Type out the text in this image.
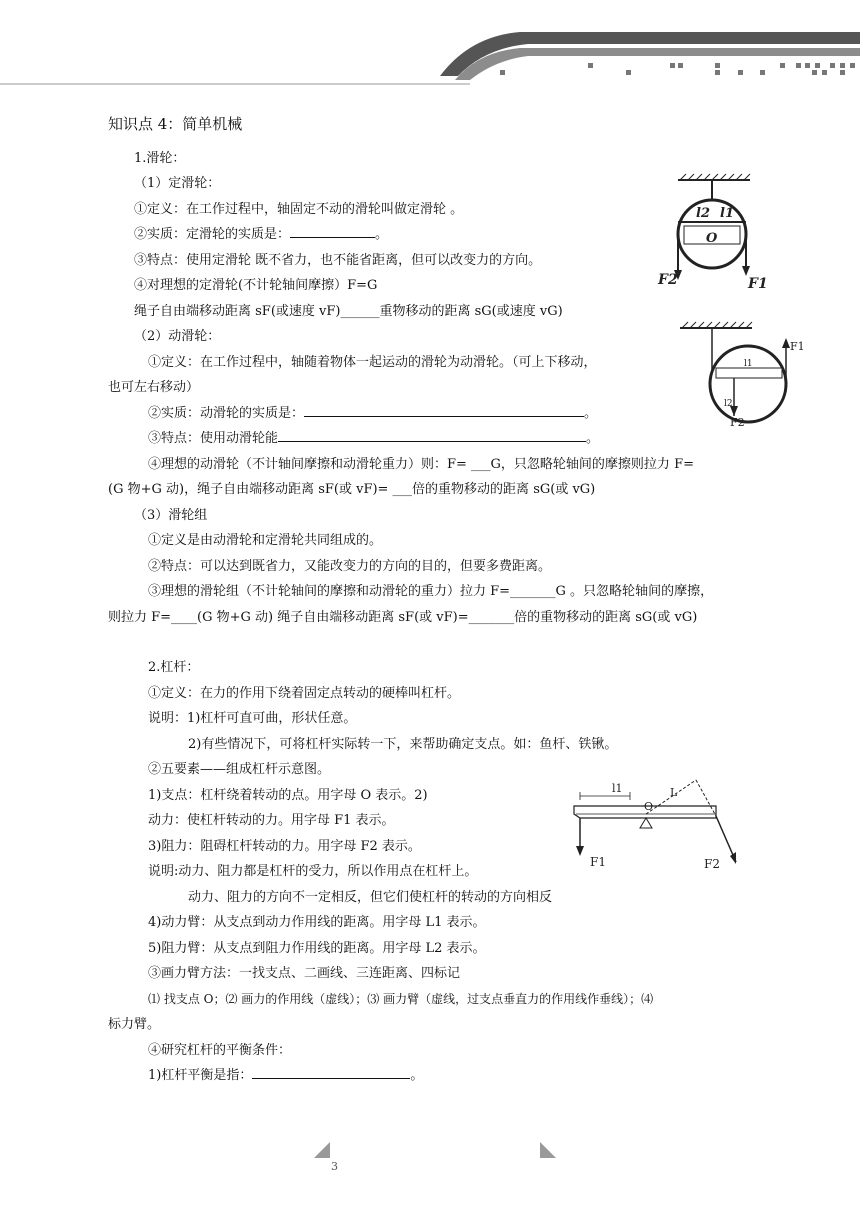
知识点 4：简单机械
1.滑轮：
（1）定滑轮：
①定义：在工作过程中，轴固定不动的滑轮叫做定滑轮 。
②实质：定滑轮的实质是：	。
③特点：使用定滑轮 既不省力，也不能省距离，但可以改变力的方向。
④对理想的定滑轮(不计轮轴间摩擦）F=G
绳子自由端移动距离 sF(或速度 vF)______重物移动的距离 sG(或速度 vG)
（2）动滑轮：
①定义：在工作过程中，轴随着物体一起运动的滑轮为动滑轮。（可上下移动，
也可左右移动）
②实质：动滑轮的实质是：	。
③特点：使用动滑轮能	。
④理想的动滑轮（不计轴间摩擦和动滑轮重力）则：F= ___G，只忽略轮轴间的摩擦则拉力 F=
(G 物+G 动)，绳子自由端移动距离 sF(或 vF)= ___倍的重物移动的距离 sG(或 vG)
（3）滑轮组
①定义是由动滑轮和定滑轮共同组成的。
②特点：可以达到既省力，又能改变力的方向的目的，但要多费距离。
③理想的滑轮组（不计轮轴间的摩擦和动滑轮的重力）拉力 F=_______G 。只忽略轮轴间的摩擦，
则拉力 F=____(G 物+G 动) 绳子自由端移动距离 sF(或 vF)=_______倍的重物移动的距离 sG(或 vG)
2.杠杆：
①定义：在力的作用下绕着固定点转动的硬棒叫杠杆。
说明：1)杠杆可直可曲，形状任意。
2)有些情况下，可将杠杆实际转一下，来帮助确定支点。如：鱼杆、铁锹。
②五要素——组成杠杆示意图。
1)支点：杠杆绕着转动的点。用字母 O 表示。2)
动力：使杠杆转动的力。用字母 F1 表示。
3)阻力：阻碍杠杆转动的力。用字母 F2 表示。
说明:动力、阻力都是杠杆的受力，所以作用点在杠杆上。
动力、阻力的方向不一定相反，但它们使杠杆的转动的方向相反
4)动力臂：从支点到动力作用线的距离。用字母 L1 表示。
5)阻力臂：从支点到阻力作用线的距离。用字母 L2 表示。
③画力臂方法：一找支点、二画线、三连距离、四标记
⑴ 找支点 O；⑵ 画力的作用线（虚线）；⑶ 画力臂（虚线，过支点垂直力的作用线作垂线）；⑷
标力臂。
④研究杠杆的平衡条件：
1)杠杆平衡是指：	。
l2 l1
O
F2	F1
F1
F2
l1
l2
l1
O
L
F1	F2
3
